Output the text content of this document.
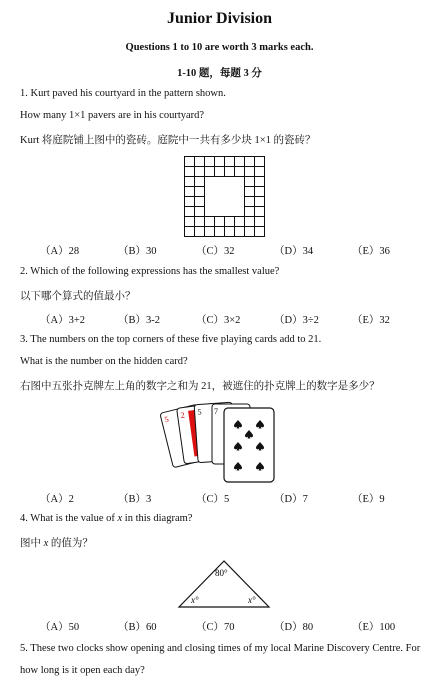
Junior Division
Questions 1 to 10 are worth 3 marks each.
1-10 题，每题 3 分
1. Kurt paved his courtyard in the pattern shown.
How many 1×1 pavers are in his courtyard?
Kurt 将庭院铺上图中的瓷砖。庭院中一共有多少块 1×1 的瓷砖？
（A）28	（B）30	（C）32	（D）34	（E）36
2. Which of the following expressions has the smallest value?
以下哪个算式的值最小？
（A）3+2	（B）3-2	（C）3×2	（D）3÷2	（E）32
3. The numbers on the top corners of these five playing cards add to 21.
What is the number on the hidden card?
右图中五张扑克牌左上角的数字之和为 21，被遮住的扑克牌上的数字是多少？
5 2 5 7
（A）2	（B）3	（C）5	（D）7	（E）9
4. What is the value of x in this diagram?
图中 x 的值为？
80°
x°	x°
（A）50	（B）60	（C）70	（D）80	（E）100
5. These two clocks show opening and closing times of my local Marine Discovery Centre. For
how long is it open each day?
